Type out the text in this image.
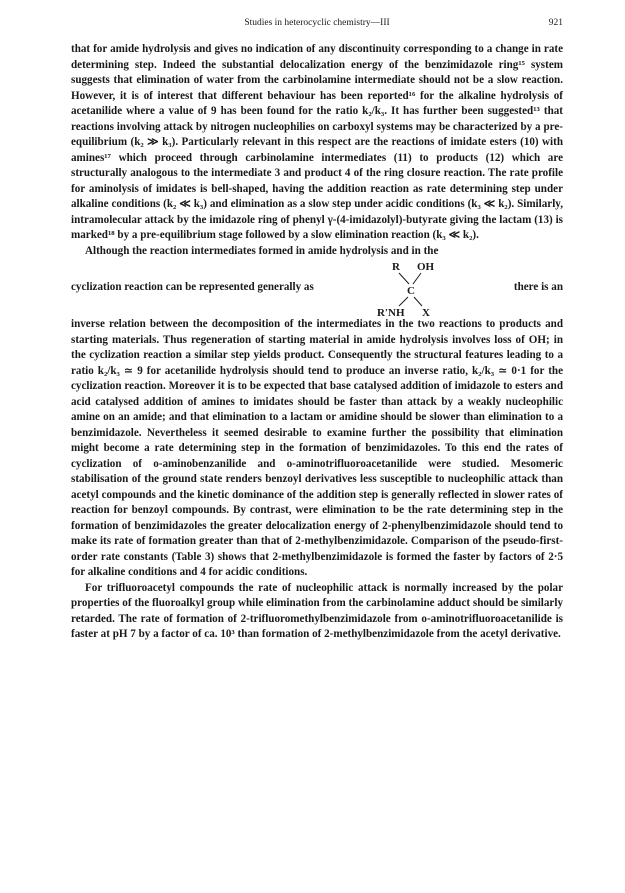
Studies in heterocyclic chemistry—III	921

that for amide hydrolysis and gives no indication of any discontinuity corresponding to a change in rate determining step. Indeed the substantial delocalization energy of the benzimidazole ring¹⁵ system suggests that elimination of water from the carbinolamine intermediate should not be a slow reaction. However, it is of interest that different behaviour has been reported¹⁶ for the alkaline hydrolysis of acetanilide where a value of 9 has been found for the ratio k₂/k₃. It has further been suggested¹³ that reactions involving attack by nitrogen nucleophilies on carboxyl systems may be characterized by a pre-equilibrium (k₂ ≫ k₃). Particularly relevant in this respect are the reactions of imidate esters (10) with amines¹⁷ which proceed through carbinolamine intermediates (11) to products (12) which are structurally analogous to the intermediate 3 and product 4 of the ring closure reaction. The rate profile for aminolysis of imidates is bell-shaped, having the addition reaction as rate determining step under alkaline conditions (k₂ ≪ k₃) and elimination as a slow step under acidic conditions (k₃ ≪ k₂). Similarly, intramolecular attack by the imidazole ring of phenyl γ-(4-imidazolyl)-butyrate giving the lactam (13) is marked¹⁸ by a pre-equilibrium stage followed by a slow elimination reaction (k₃ ≪ k₂).

Although the reaction intermediates formed in amide hydrolysis and in the

cyclization reaction can be represented generally as
R OH
C
R′NH X
there is an

inverse relation between the decomposition of the intermediates in the two reactions to products and starting materials. Thus regeneration of starting material in amide hydrolysis involves loss of OH; in the cyclization reaction a similar step yields product. Consequently the structural features leading to a ratio k₂/k₃ ≃ 9 for acetanilide hydrolysis should tend to produce an inverse ratio, k₂/k₃ ≃ 0·1 for the cyclization reaction. Moreover it is to be expected that base catalysed addition of imidazole to esters and acid catalysed addition of amines to imidates should be faster than attack by a weakly nucleophilic amine on an amide; and that elimination to a lactam or amidine should be slower than elimination to a benzimidazole. Nevertheless it seemed desirable to examine further the possibility that elimination might become a rate determining step in the formation of benzimidazoles. To this end the rates of cyclization of o-aminobenzanilide and o-aminotrifluoroacetanilide were studied. Mesomeric stabilisation of the ground state renders benzoyl derivatives less susceptible to nucleophilic attack than acetyl compounds and the kinetic dominance of the addition step is generally reflected in slower rates of reaction for benzoyl compounds. By contrast, were elimination to be the rate determining step in the formation of benzimidazoles the greater delocalization energy of 2-phenylbenzimidazole should tend to make its rate of formation greater than that of 2-methylbenzimidazole. Comparison of the pseudo-first-order rate constants (Table 3) shows that 2-methylbenzimidazole is formed the faster by factors of 2·5 for alkaline conditions and 4 for acidic conditions.

For trifluoroacetyl compounds the rate of nucleophilic attack is normally increased by the polar properties of the fluoroalkyl group while elimination from the carbinolamine adduct should be similarly retarded. The rate of formation of 2-trifluoromethylbenzimidazole from o-aminotrifluoroacetanilide is faster at pH 7 by a factor of ca. 10³ than formation of 2-methylbenzimidazole from the acetyl derivative.
